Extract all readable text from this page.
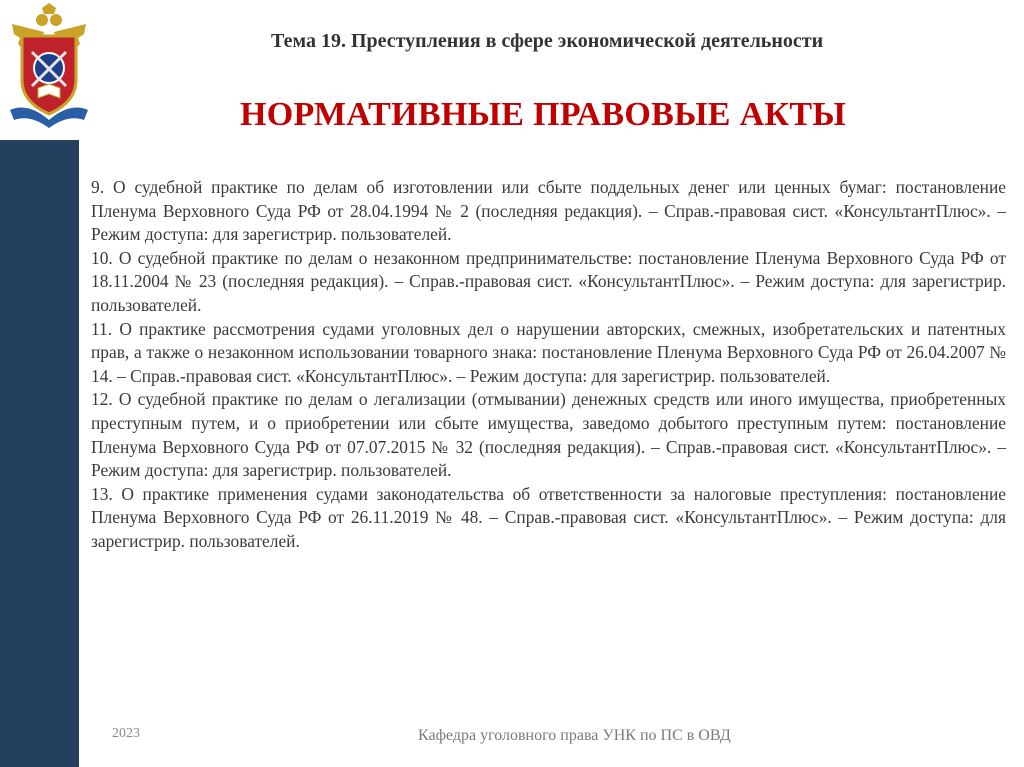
Тема 19. Преступления в сфере экономической деятельности
НОРМАТИВНЫЕ ПРАВОВЫЕ АКТЫ
9. О судебной практике по делам об изготовлении или сбыте поддельных денег или ценных бумаг: постановление Пленума Верховного Суда РФ от 28.04.1994 № 2 (последняя редакция). – Справ.-правовая сист. «КонсультантПлюс». – Режим доступа: для зарегистрир. пользователей.
10. О судебной практике по делам о незаконном предпринимательстве: постановление Пленума Верховного Суда РФ от 18.11.2004 № 23 (последняя редакция). – Справ.-правовая сист. «КонсультантПлюс». – Режим доступа: для зарегистрир. пользователей.
11. О практике рассмотрения судами уголовных дел о нарушении авторских, смежных, изобретательских и патентных прав, а также о незаконном использовании товарного знака: постановление Пленума Верховного Суда РФ от 26.04.2007 № 14. – Справ.-правовая сист. «КонсультантПлюс». – Режим доступа: для зарегистрир. пользователей.
12. О судебной практике по делам о легализации (отмывании) денежных средств или иного имущества, приобретенных преступным путем, и о приобретении или сбыте имущества, заведомо добытого преступным путем: постановление Пленума Верховного Суда РФ от 07.07.2015 № 32 (последняя редакция). – Справ.-правовая сист. «КонсультантПлюс». – Режим доступа: для зарегистрир. пользователей.
13. О практике применения судами законодательства об ответственности за налоговые преступления: постановление Пленума Верховного Суда РФ от 26.11.2019 № 48. – Справ.-правовая сист. «КонсультантПлюс». – Режим доступа: для зарегистрир. пользователей.
2023	Кафедра уголовного права УНК по ПС в ОВД
